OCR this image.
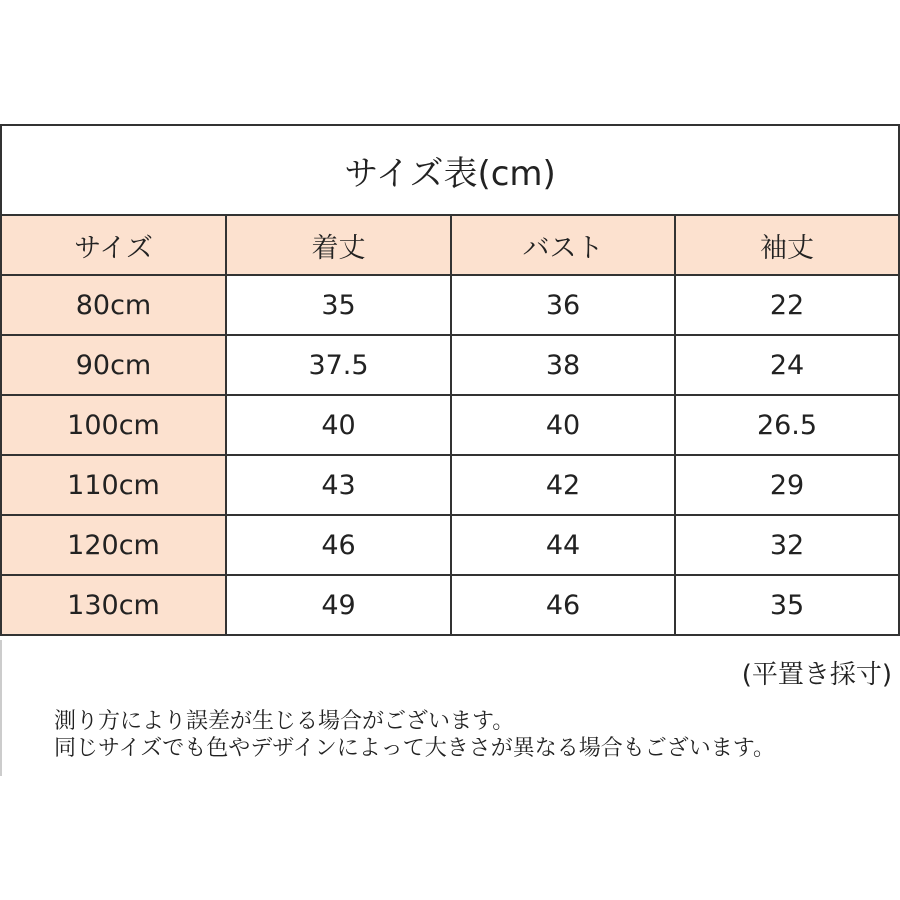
サイズ表(cm)			
サイズ	着丈	バスト	袖丈
80cm	35	36	22
90cm	37.5	38	24
100cm	40	40	26.5
110cm	43	42	29
120cm	46	44	32
130cm	49	46	35
(平置き採寸)
測り方により誤差が生じる場合がございます。
同じサイズでも色やデザインによって大きさが異なる場合もございます。
